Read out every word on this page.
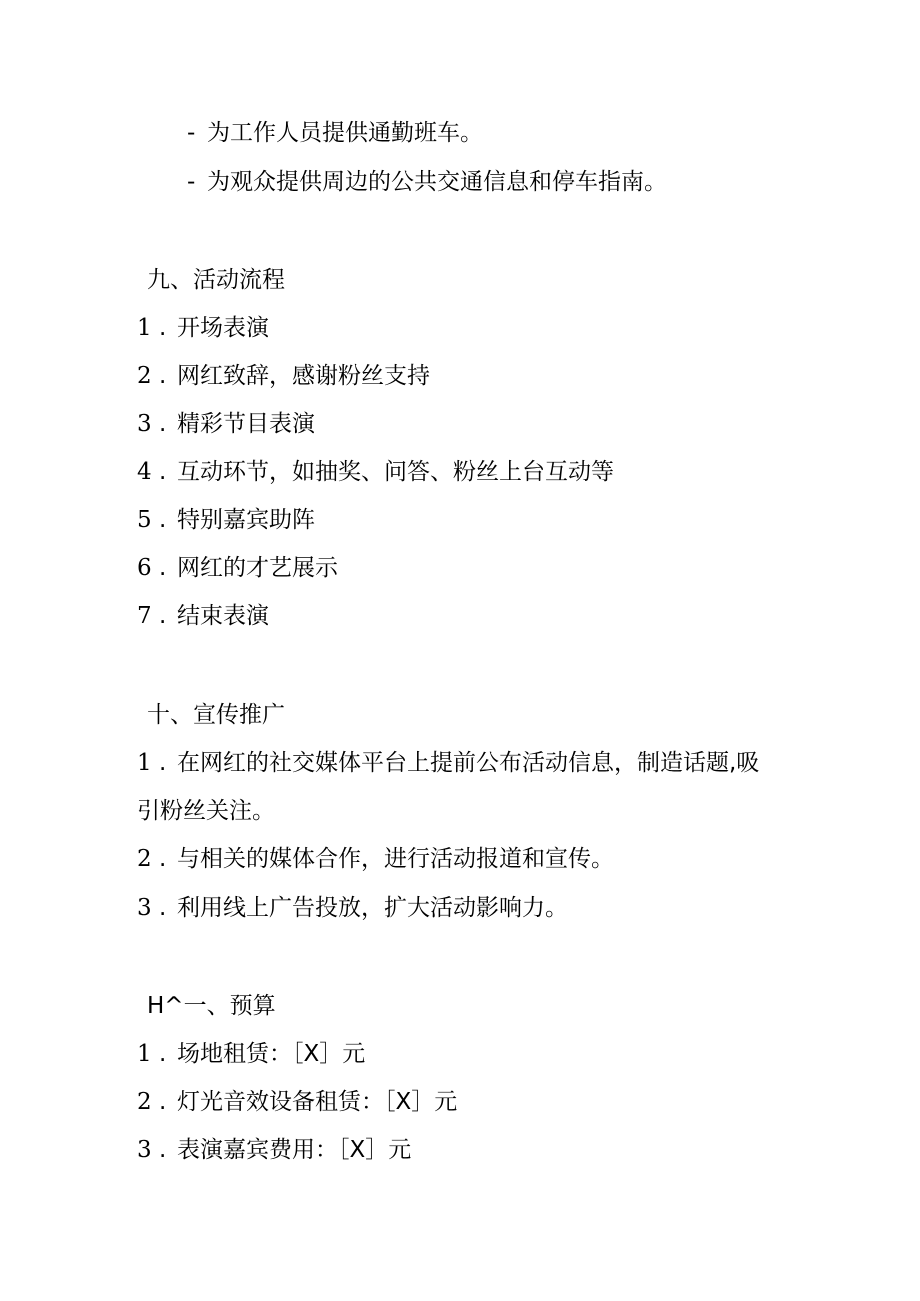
- 为工作人员提供通勤班车。
- 为观众提供周边的公共交通信息和停车指南。
九、活动流程
1 . 开场表演
2 . 网红致辞，感谢粉丝支持
3 . 精彩节目表演
4 . 互动环节，如抽奖、问答、粉丝上台互动等
5 . 特别嘉宾助阵
6 . 网红的才艺展示
7 . 结束表演
十、宣传推广
1 . 在网红的社交媒体平台上提前公布活动信息，制造话题,吸
引粉丝关注。
2 . 与相关的媒体合作，进行活动报道和宣传。
3 . 利用线上广告投放，扩大活动影响力。
H^一、预算
1 . 场地租赁：［X］元
2 . 灯光音效设备租赁：［X］元
3 . 表演嘉宾费用：［X］元
